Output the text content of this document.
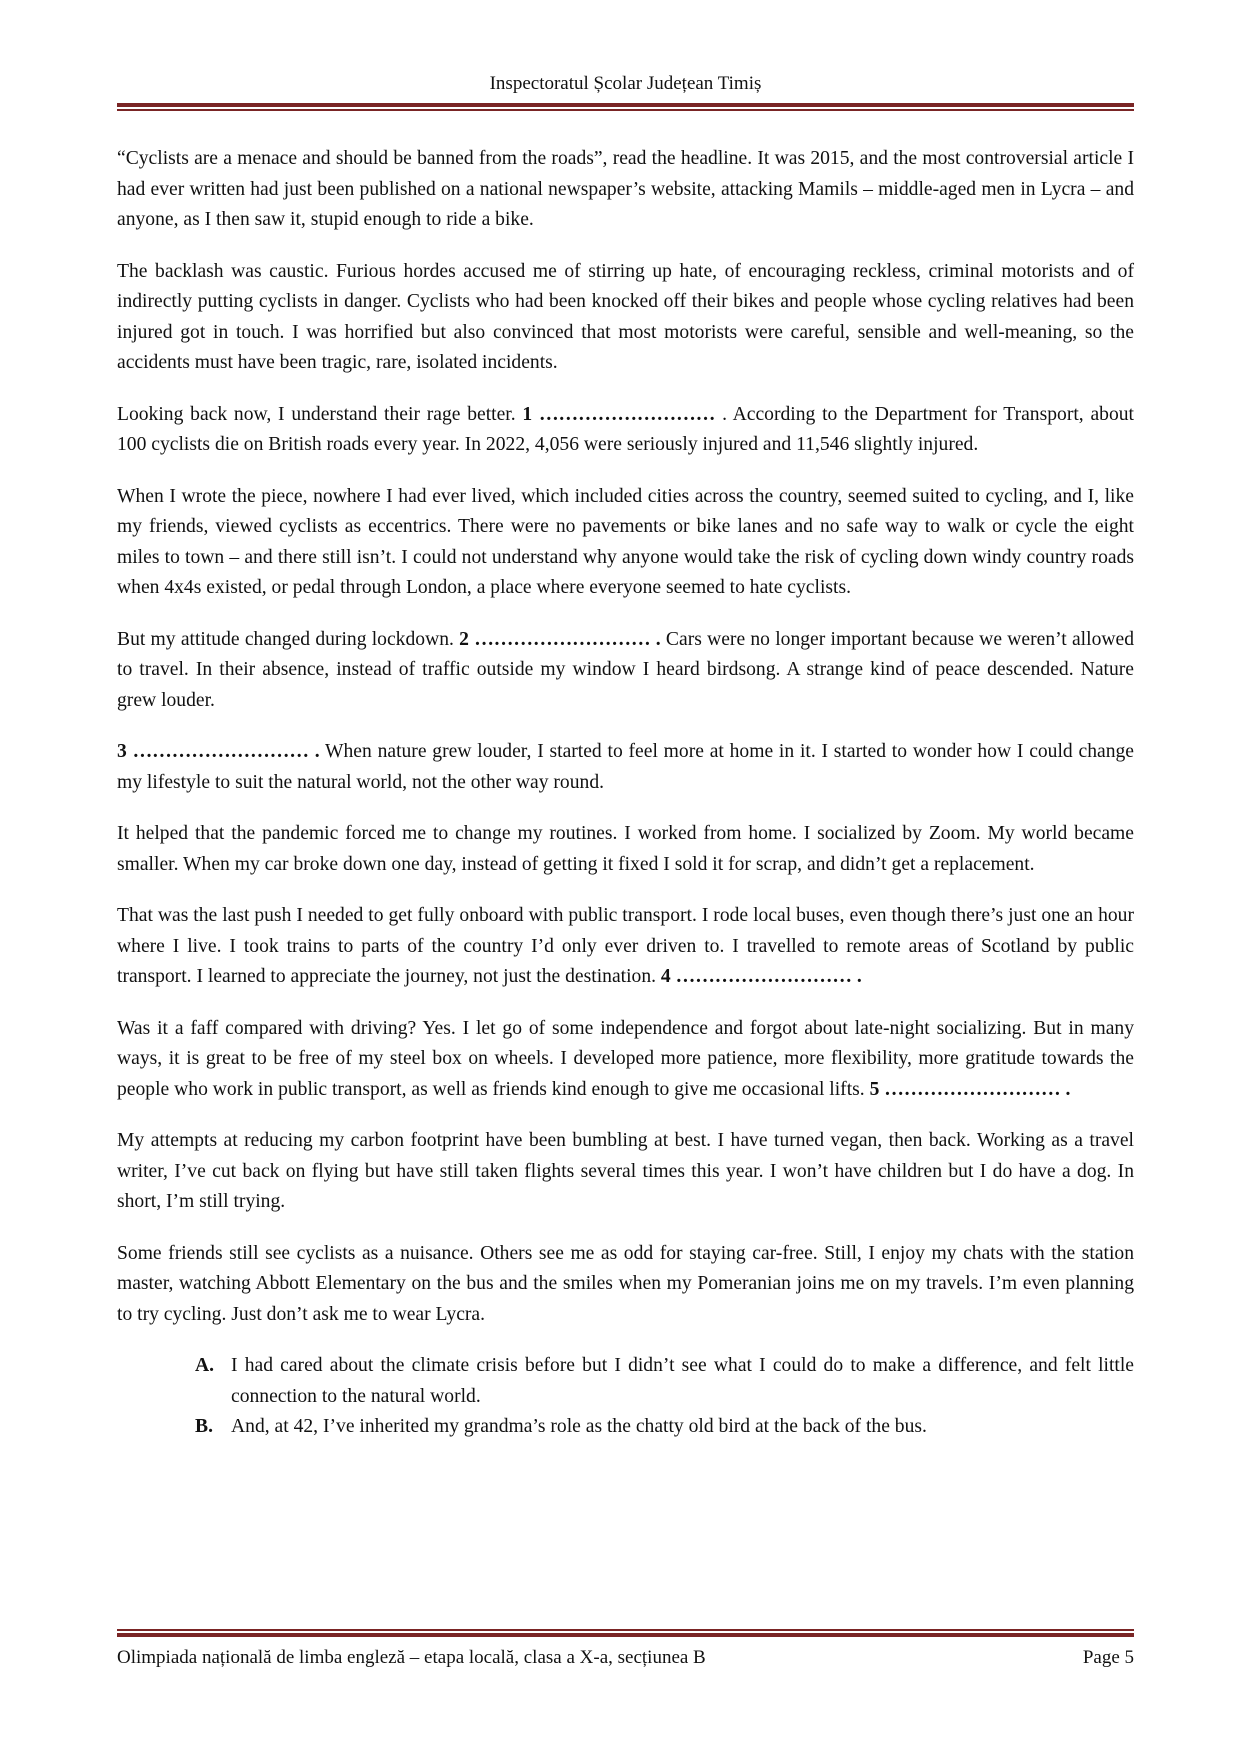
Inspectoratul Școlar Județean Timiș

“Cyclists are a menace and should be banned from the roads”, read the headline. It was 2015, and the most controversial article I had ever written had just been published on a national newspaper’s website, attacking Mamils – middle-aged men in Lycra – and anyone, as I then saw it, stupid enough to ride a bike.

The backlash was caustic. Furious hordes accused me of stirring up hate, of encouraging reckless, criminal motorists and of indirectly putting cyclists in danger. Cyclists who had been knocked off their bikes and people whose cycling relatives had been injured got in touch. I was horrified but also convinced that most motorists were careful, sensible and well-meaning, so the accidents must have been tragic, rare, isolated incidents.

Looking back now, I understand their rage better. 1 ……………………… . According to the Department for Transport, about 100 cyclists die on British roads every year. In 2022, 4,056 were seriously injured and 11,546 slightly injured.

When I wrote the piece, nowhere I had ever lived, which included cities across the country, seemed suited to cycling, and I, like my friends, viewed cyclists as eccentrics. There were no pavements or bike lanes and no safe way to walk or cycle the eight miles to town – and there still isn’t. I could not understand why anyone would take the risk of cycling down windy country roads when 4x4s existed, or pedal through London, a place where everyone seemed to hate cyclists.

But my attitude changed during lockdown. 2 ……………………… . Cars were no longer important because we weren’t allowed to travel. In their absence, instead of traffic outside my window I heard birdsong. A strange kind of peace descended. Nature grew louder.

3 ……………………… . When nature grew louder, I started to feel more at home in it. I started to wonder how I could change my lifestyle to suit the natural world, not the other way round.

It helped that the pandemic forced me to change my routines. I worked from home. I socialized by Zoom. My world became smaller. When my car broke down one day, instead of getting it fixed I sold it for scrap, and didn’t get a replacement.

That was the last push I needed to get fully onboard with public transport. I rode local buses, even though there’s just one an hour where I live. I took trains to parts of the country I’d only ever driven to. I travelled to remote areas of Scotland by public transport. I learned to appreciate the journey, not just the destination. 4 ……………………… .

Was it a faff compared with driving? Yes. I let go of some independence and forgot about late-night socializing. But in many ways, it is great to be free of my steel box on wheels. I developed more patience, more flexibility, more gratitude towards the people who work in public transport, as well as friends kind enough to give me occasional lifts. 5 ……………………… .

My attempts at reducing my carbon footprint have been bumbling at best. I have turned vegan, then back. Working as a travel writer, I’ve cut back on flying but have still taken flights several times this year. I won’t have children but I do have a dog. In short, I’m still trying.

Some friends still see cyclists as a nuisance. Others see me as odd for staying car-free. Still, I enjoy my chats with the station master, watching Abbott Elementary on the bus and the smiles when my Pomeranian joins me on my travels. I’m even planning to try cycling. Just don’t ask me to wear Lycra.

A. I had cared about the climate crisis before but I didn’t see what I could do to make a difference, and felt little connection to the natural world.
B. And, at 42, I’ve inherited my grandma’s role as the chatty old bird at the back of the bus.
Olimpiada națională de limba engleză – etapa locală, clasa a X-a, secțiunea B	Page 5
